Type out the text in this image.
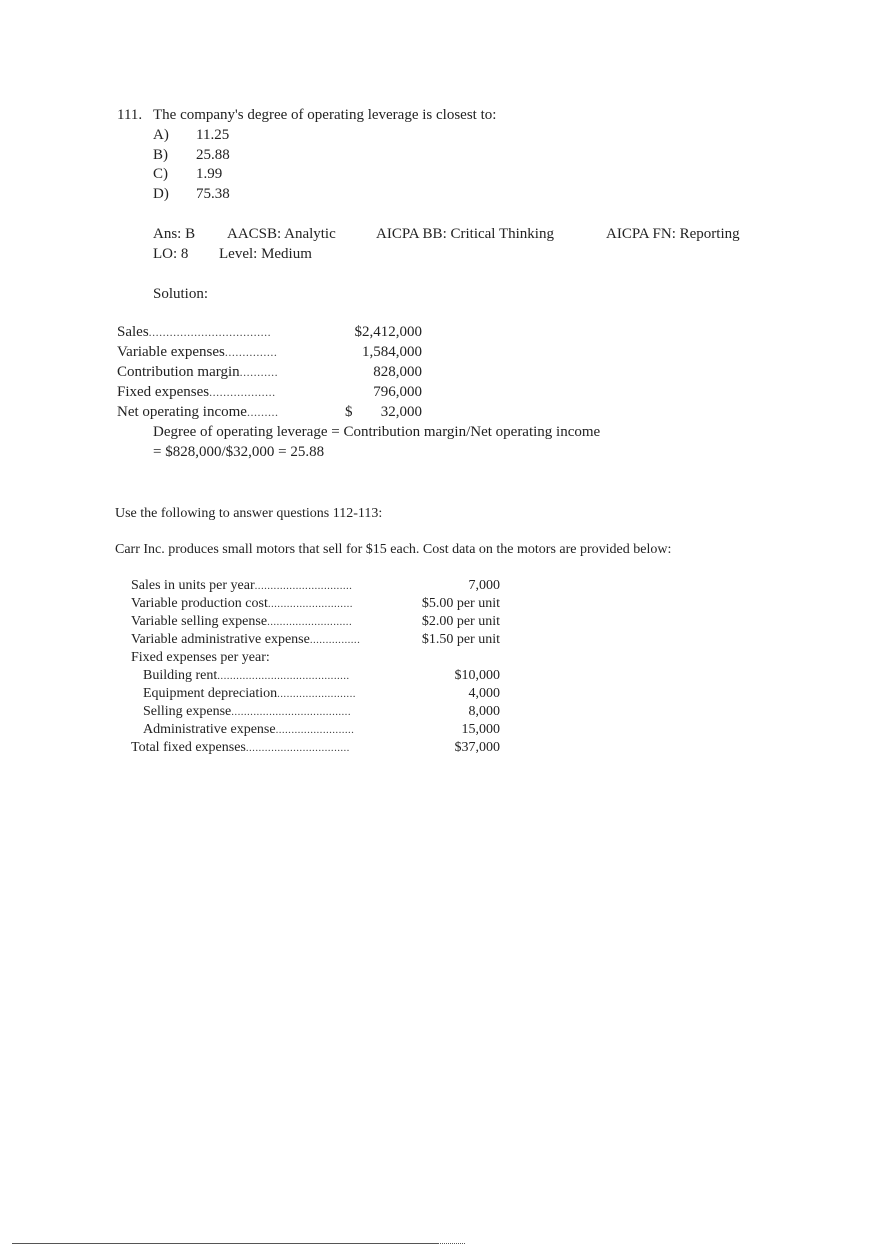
111. The company's degree of operating leverage is closest to:
A) 11.25
B) 25.88
C) 1.99
D) 75.38
Ans: B AACSB: Analytic	AICPA BB: Critical Thinking	AICPA FN: Reporting
LO: 8 Level: Medium
Solution:
Sales...................................	$2,412,000
Variable expenses...............	1,584,000
Contribution margin...........	828,000
Fixed expenses...................	796,000
Net operating income.........	$	32,000
Degree of operating leverage = Contribution margin/Net operating income
= $828,000/$32,000 = 25.88
Use the following to answer questions 112-113:
Carr Inc. produces small motors that sell for $15 each. Cost data on the motors are provided below:
Sales in units per year...............................	7,000
Variable production cost...........................	$5.00 per unit
Variable selling expense...........................	$2.00 per unit
Variable administrative expense................	$1.50 per unit
Fixed expenses per year:
Building rent..........................................	$10,000
Equipment depreciation.........................	4,000
Selling expense......................................	8,000
Administrative expense.........................	15,000
Total fixed expenses.................................	$37,000
